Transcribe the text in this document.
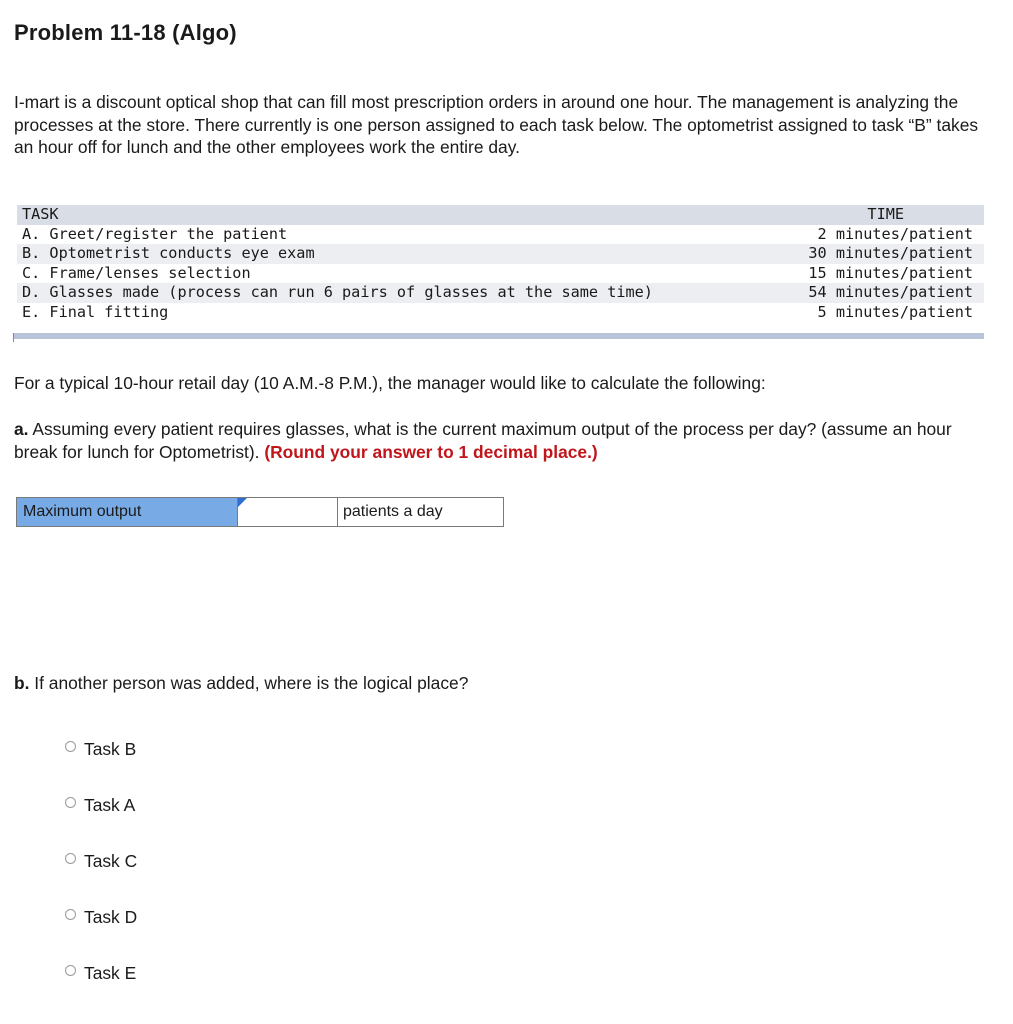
Problem 11-18 (Algo)
I-mart is a discount optical shop that can fill most prescription orders in around one hour. The management is analyzing the processes at the store. There currently is one person assigned to each task below. The optometrist assigned to task “B” takes an hour off for lunch and the other employees work the entire day.
TASK	TIME
A. Greet/register the patient	2 minutes/patient
B. Optometrist conducts eye exam	30 minutes/patient
C. Frame/lenses selection	15 minutes/patient
D. Glasses made (process can run 6 pairs of glasses at the same time)	54 minutes/patient
E. Final fitting	5 minutes/patient
For a typical 10-hour retail day (10 A.M.-8 P.M.), the manager would like to calculate the following:
a. Assuming every patient requires glasses, what is the current maximum output of the process per day? (assume an hour break for lunch for Optometrist). (Round your answer to 1 decimal place.)
Maximum output	patients a day
b. If another person was added, where is the logical place?
Task B
Task A
Task C
Task D
Task E
